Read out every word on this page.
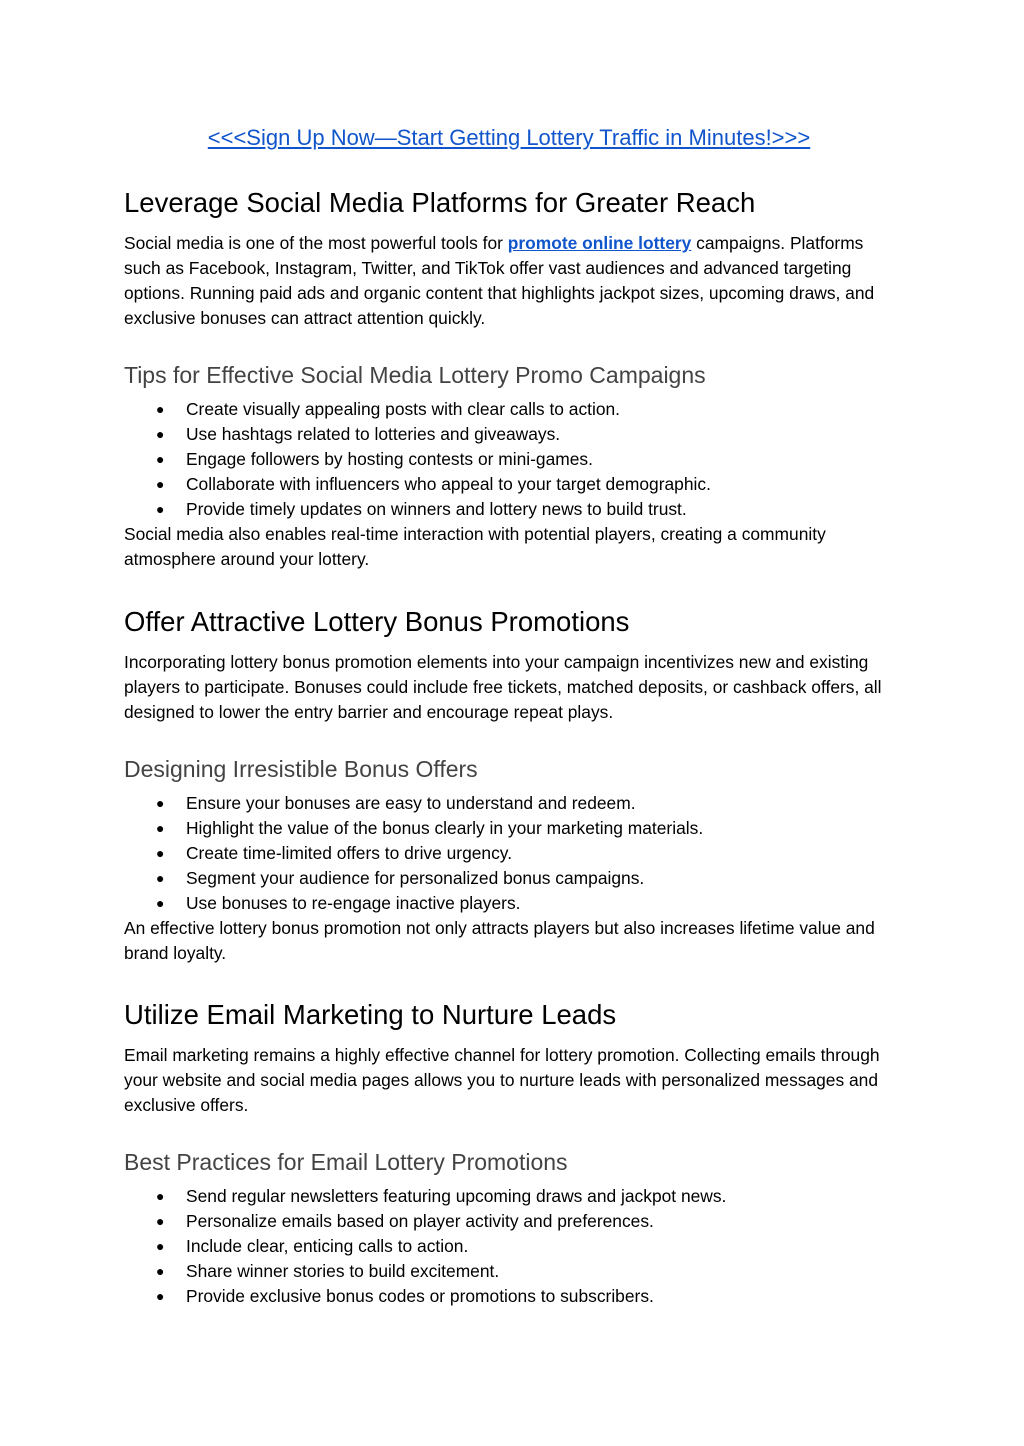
<<<Sign Up Now—Start Getting Lottery Traffic in Minutes!>>>
Leverage Social Media Platforms for Greater Reach

Social media is one of the most powerful tools for promote online lottery campaigns. Platforms such as Facebook, Instagram, Twitter, and TikTok offer vast audiences and advanced targeting options. Running paid ads and organic content that highlights jackpot sizes, upcoming draws, and exclusive bonuses can attract attention quickly.

Tips for Effective Social Media Lottery Promo Campaigns
● Create visually appealing posts with clear calls to action.
● Use hashtags related to lotteries and giveaways.
● Engage followers by hosting contests or mini-games.
● Collaborate with influencers who appeal to your target demographic.
● Provide timely updates on winners and lottery news to build trust.

Social media also enables real-time interaction with potential players, creating a community atmosphere around your lottery.

Offer Attractive Lottery Bonus Promotions

Incorporating lottery bonus promotion elements into your campaign incentivizes new and existing players to participate. Bonuses could include free tickets, matched deposits, or cashback offers, all designed to lower the entry barrier and encourage repeat plays.

Designing Irresistible Bonus Offers
● Ensure your bonuses are easy to understand and redeem.
● Highlight the value of the bonus clearly in your marketing materials.
● Create time-limited offers to drive urgency.
● Segment your audience for personalized bonus campaigns.
● Use bonuses to re-engage inactive players.

An effective lottery bonus promotion not only attracts players but also increases lifetime value and brand loyalty.

Utilize Email Marketing to Nurture Leads

Email marketing remains a highly effective channel for lottery promotion. Collecting emails through your website and social media pages allows you to nurture leads with personalized messages and exclusive offers.

Best Practices for Email Lottery Promotions
● Send regular newsletters featuring upcoming draws and jackpot news.
● Personalize emails based on player activity and preferences.
● Include clear, enticing calls to action.
● Share winner stories to build excitement.
● Provide exclusive bonus codes or promotions to subscribers.
